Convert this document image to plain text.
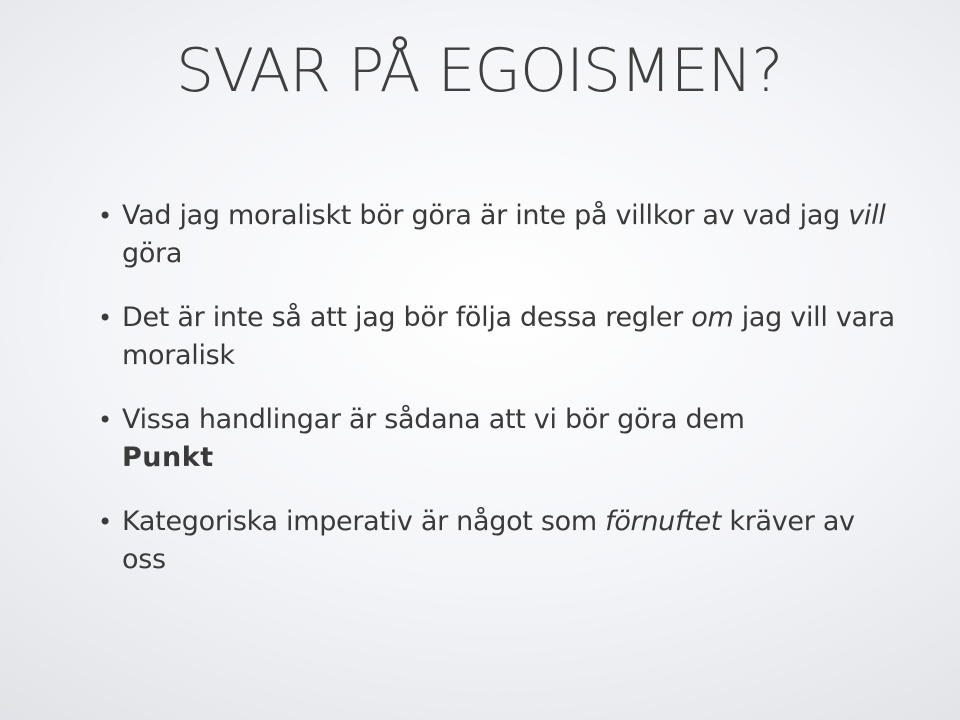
SVAR PÅ EGOISMEN?
• Vad jag moraliskt bör göra är inte på villkor av vad jag vill göra
• Det är inte så att jag bör följa dessa regler om jag vill vara moralisk
• Vissa handlingar är sådana att vi bör göra dem
Punkt
• Kategoriska imperativ är något som förnuftet kräver av oss
